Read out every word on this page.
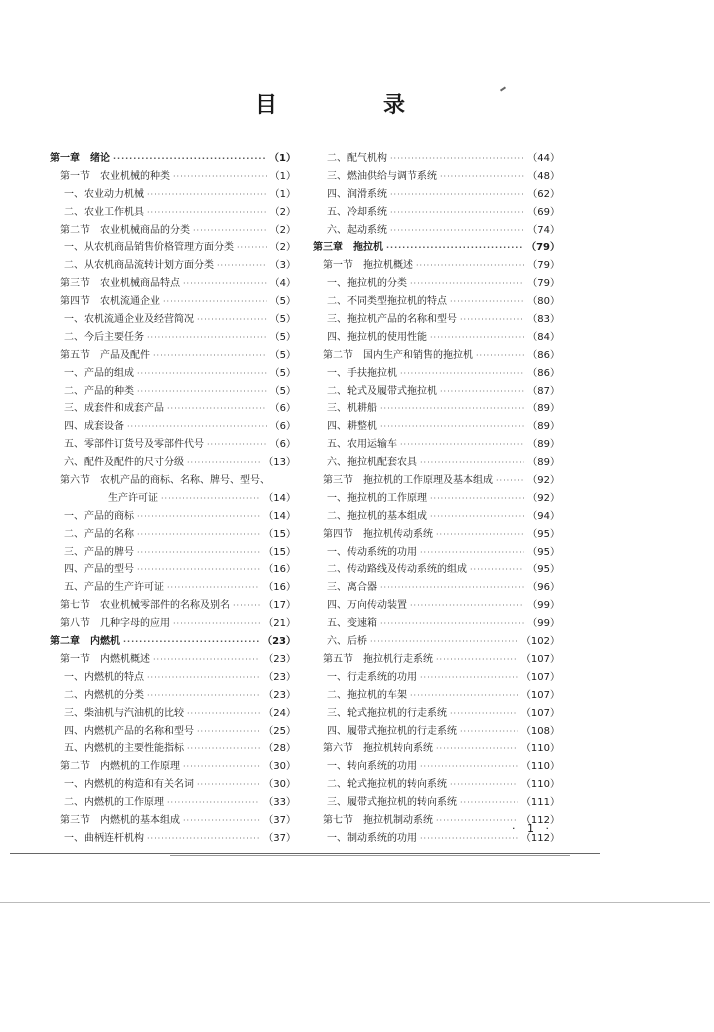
目	录
第一章　绪论 ·····	（1）
第一节　农业机械的种类 ·····	（1）
一、农业动力机械 ·····	（1）
二、农业工作机具 ·····	（2）
第二节　农业机械商品的分类 ·····	（2）
一、从农机商品销售价格管理方面分类 ·····	（2）
二、从农机商品流转计划方面分类 ·····	（3）
第三节　农业机械商品特点 ·····	（4）
第四节　农机流通企业 ·····	（5）
一、农机流通企业及经营简况 ·····	（5）
二、今后主要任务 ·····	（5）
第五节　产品及配件 ·····	（5）
一、产品的组成 ·····	（5）
二、产品的种类 ·····	（5）
三、成套件和成套产品 ·····	（6）
四、成套设备 ·····	（6）
五、零部件订货号及零部件代号 ·····	（6）
六、配件及配件的尺寸分级 ·····	（13）
第六节　农机产品的商标、名称、牌号、型号、
生产许可证 ·····	（14）
一、产品的商标 ·····	（14）
二、产品的名称 ·····	（15）
三、产品的牌号 ·····	（15）
四、产品的型号 ·····	（16）
五、产品的生产许可证 ·····	（16）
第七节　农业机械零部件的名称及别名 ·····	（17）
第八节　几种字母的应用 ·····	（21）
第二章　内燃机 ·····	（23）
第一节　内燃机概述 ·····	（23）
一、内燃机的特点 ·····	（23）
二、内燃机的分类 ·····	（23）
三、柴油机与汽油机的比较 ·····	（24）
四、内燃机产品的名称和型号 ·····	（25）
五、内燃机的主要性能指标 ·····	（28）
第二节　内燃机的工作原理 ·····	（30）
一、内燃机的构造和有关名词 ·····	（30）
二、内燃机的工作原理 ·····	（33）
第三节　内燃机的基本组成 ·····	（37）
一、曲柄连杆机构 ·····	（37）
二、配气机构 ·····	（44）
三、燃油供给与调节系统 ·····	（48）
四、润滑系统 ·····	（62）
五、冷却系统 ·····	（69）
六、起动系统 ·····	（74）
第三章　拖拉机 ·····	（79）
第一节　拖拉机概述 ·····	（79）
一、拖拉机的分类 ·····	（79）
二、不同类型拖拉机的特点 ·····	（80）
三、拖拉机产品的名称和型号 ·····	（83）
四、拖拉机的使用性能 ·····	（84）
第二节　国内生产和销售的拖拉机 ·····	（86）
一、手扶拖拉机 ·····	（86）
二、轮式及履带式拖拉机 ·····	（87）
三、机耕船 ·····	（89）
四、耕整机 ·····	（89）
五、农用运输车 ·····	（89）
六、拖拉机配套农具 ·····	（89）
第三节　拖拉机的工作原理及基本组成 ·····	（92）
一、拖拉机的工作原理 ·····	（92）
二、拖拉机的基本组成 ·····	（94）
第四节　拖拉机传动系统 ·····	（95）
一、传动系统的功用 ·····	（95）
二、传动路线及传动系统的组成 ·····	（95）
三、离合器 ·····	（96）
四、万向传动装置 ·····	（99）
五、变速箱 ·····	（99）
六、后桥 ·····	（102）
第五节　拖拉机行走系统 ·····	（107）
一、行走系统的功用 ·····	（107）
二、拖拉机的车架 ·····	（107）
三、轮式拖拉机的行走系统 ·····	（107）
四、履带式拖拉机的行走系统 ·····	（108）
第六节　拖拉机转向系统 ·····	（110）
一、转向系统的功用 ·····	（110）
二、轮式拖拉机的转向系统 ·····	（110）
三、履带式拖拉机的转向系统 ·····	（111）
第七节　拖拉机制动系统 ·····	（112）
一、制动系统的功用 ·····	（112）
· 1 ·
